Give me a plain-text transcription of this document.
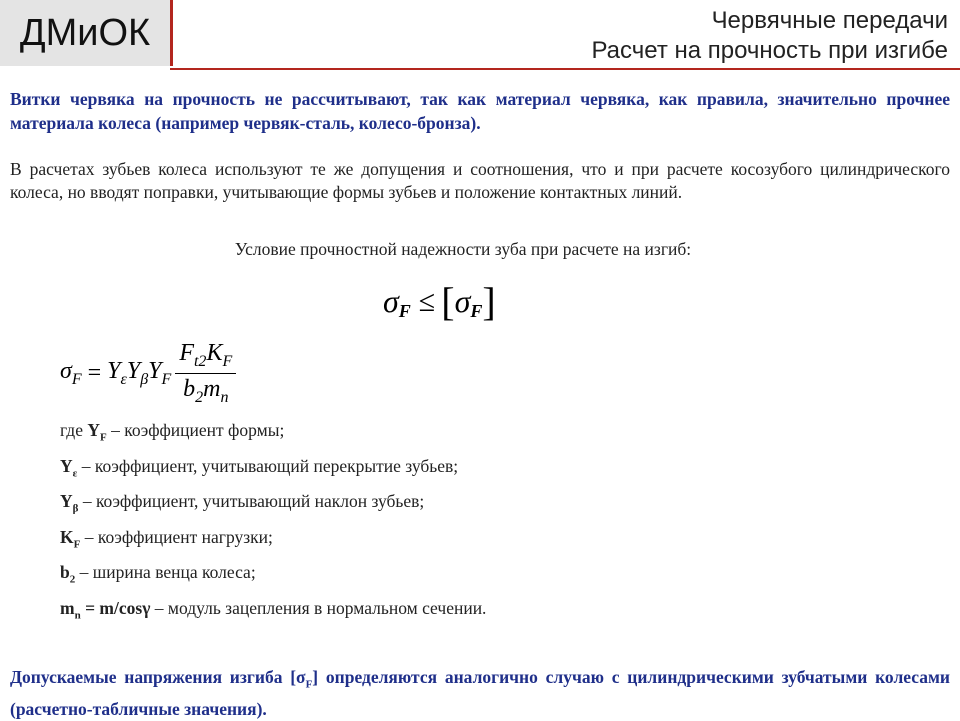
ДМиОК	Червячные передачи
Расчет на прочность при изгибе
Витки червяка на прочность не рассчитывают, так как материал червяка, как правила, значительно прочнее материала колеса (например червяк-сталь, колесо-бронза).
В расчетах зубьев колеса используют те же допущения и соотношения, что и при расчете косозубого цилиндрического колеса, но вводят поправки, учитывающие формы зубьев и положение контактных линий.
Условие прочностной надежности зуба при расчете на изгиб:
σ F ≤ [ σ F ]
$\sigma_F = Y_\varepsilon Y_\beta Y_F \frac{F_{t2}K_F}{b_2m_n}$
где $Y_F$ – коэффициент формы;
$Y_\varepsilon$ – коэффициент, учитывающий перекрытие зубьев;
$Y_\beta$ – коэффициент, учитывающий наклон зубьев;
$K_F$ – коэффициент нагрузки;
$b_2$ – ширина венца колеса;
$m_n = m/\cos\gamma$ – модуль зацепления в нормальном сечении.
Допускаемые напряжения изгиба $[\sigma_F]$ определяются аналогично случаю с цилиндрическими зубчатыми колесами (расчетно-табличные значения).
